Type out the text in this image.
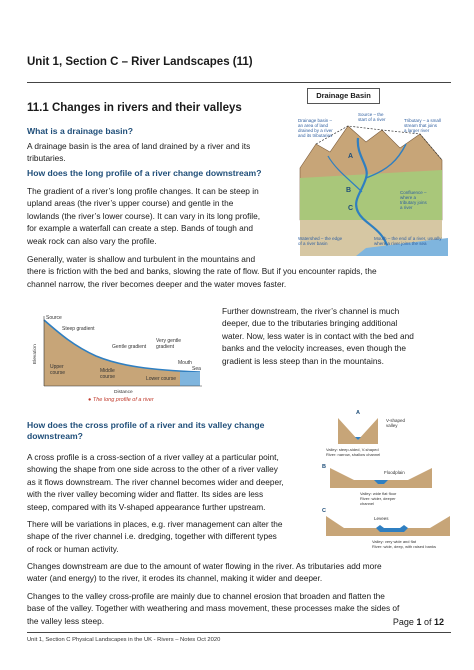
Unit 1, Section C – River Landscapes (11)
11.1 Changes in rivers and their valleys
What is a drainage basin?
A drainage basin is the area of land drained by a river and its
tributaries.
How does the long profile of a river change downstream?
The gradient of a river’s long profile changes. It can be steep in
upland areas (the river’s upper course) and gentle in the
lowlands (the river’s lower course). It can vary in its long profile,
for example a waterfall can create a step. Bands of tough and
weak rock can also vary the profile.
Generally, water is shallow and turbulent in the mountains and
there is friction with the bed and banks, slowing the rate of flow. But if you encounter rapids, the
channel narrow, the river becomes deeper and the water moves faster.
Further downstream, the river’s channel is much
deeper, due to the tributaries bringing additional
water. Now, less water is in contact with the bed and
banks and the velocity increases, even though the
gradient is less steep than in the mountains.
Drainage Basin
A
B
C
Source – the
start of a river
Drainage basin – an area of land drained by a river and its tributaries
Tributary – a small stream that joins a larger river
Confluence – where a tributary joins a river
Watershed – the edge of a river basin
Mouth – the end of a river, usually where a river joins the sea
Source
Steep gradient
Gentle gradient
Very gentle gradient
Mouth
Sea
Upper course	Middle course	Lower course
Elevation
Distance
● The long profile of a river
How does the cross profile of a river and its valley change
downstream?
A cross profile is a cross-section of a river valley at a particular point,
showing the shape from one side across to the other of a river valley
as it flows downstream. The river channel becomes wider and deeper,
with the river valley becoming wider and flatter. Its sides are less
steep, compared with its V-shaped appearance further upstream.
There will be variations in places, e.g. river management can alter the
shape of the river channel i.e. dredging, together with different types
of rock or human activity.
Changes downstream are due to the amount of water flowing in the river. As tributaries add more
water (and energy) to the river, it erodes its channel, making it wider and deeper.
Changes to the valley cross-profile are mainly due to channel erosion that broaden and flatten the
base of the valley. Together with weathering and mass movement, these processes make the sides of
the valley less steep.
A
V-shaped valley
Valley: steep-sided, V-shaped River: narrow, shallow channel
B
Floodplain
Valley: wide flat floor River: wider, deeper channel
C
Levees
Valley: very wide and flat River: wide, deep, with raised banks
Page 1 of 12
Unit 1, Section C Physical Landscapes in the UK - Rivers – Notes Oct 2020
